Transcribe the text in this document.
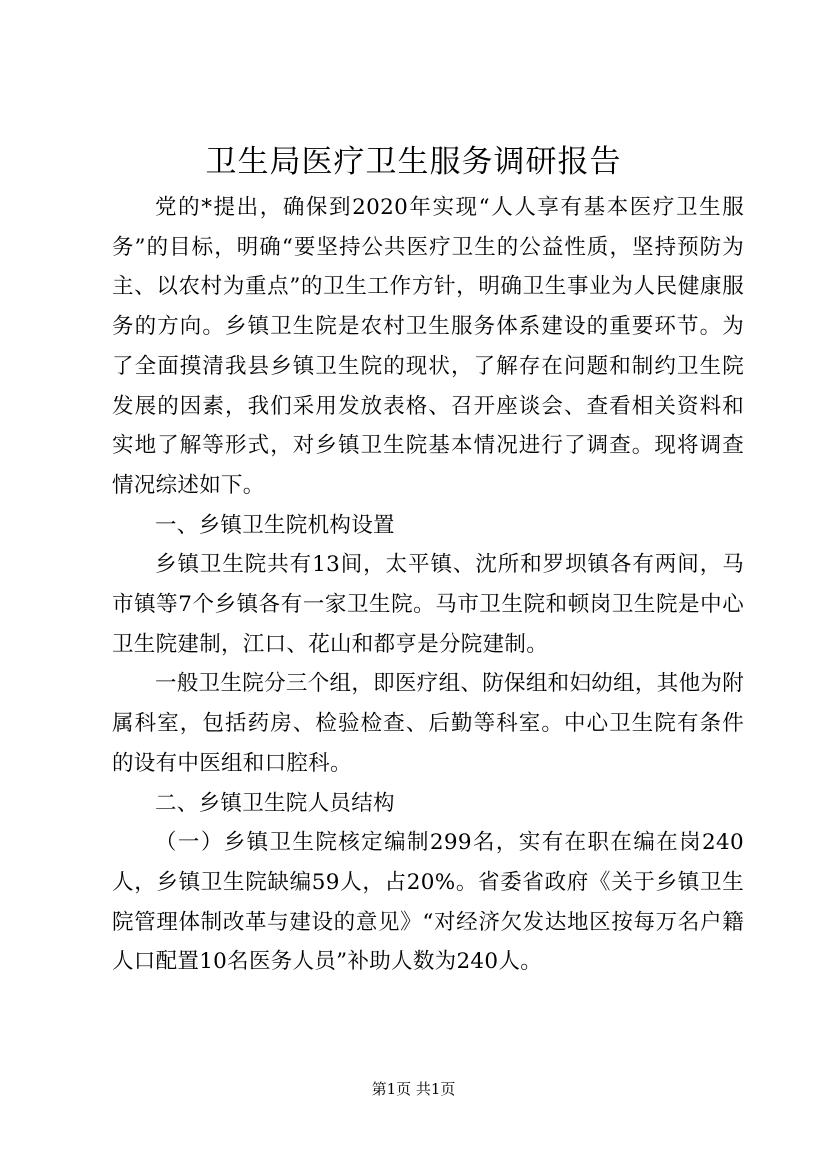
卫生局医疗卫生服务调研报告

党的*提出，确保到2020年实现“人人享有基本医疗卫生服务”的目标，明确“要坚持公共医疗卫生的公益性质，坚持预防为主、以农村为重点”的卫生工作方针，明确卫生事业为人民健康服务的方向。乡镇卫生院是农村卫生服务体系建设的重要环节。为了全面摸清我县乡镇卫生院的现状，了解存在问题和制约卫生院发展的因素，我们采用发放表格、召开座谈会、查看相关资料和实地了解等形式，对乡镇卫生院基本情况进行了调查。现将调查情况综述如下。

一、乡镇卫生院机构设置

乡镇卫生院共有13间，太平镇、沈所和罗坝镇各有两间，马市镇等7个乡镇各有一家卫生院。马市卫生院和顿岗卫生院是中心卫生院建制，江口、花山和都亨是分院建制。

一般卫生院分三个组，即医疗组、防保组和妇幼组，其他为附属科室，包括药房、检验检查、后勤等科室。中心卫生院有条件的设有中医组和口腔科。

二、乡镇卫生院人员结构

（一）乡镇卫生院核定编制299名，实有在职在编在岗240人，乡镇卫生院缺编59人，占20%。省委省政府《关于乡镇卫生院管理体制改革与建设的意见》“对经济欠发达地区按每万名户籍人口配置10名医务人员”补助人数为240人。

第1页 共1页
